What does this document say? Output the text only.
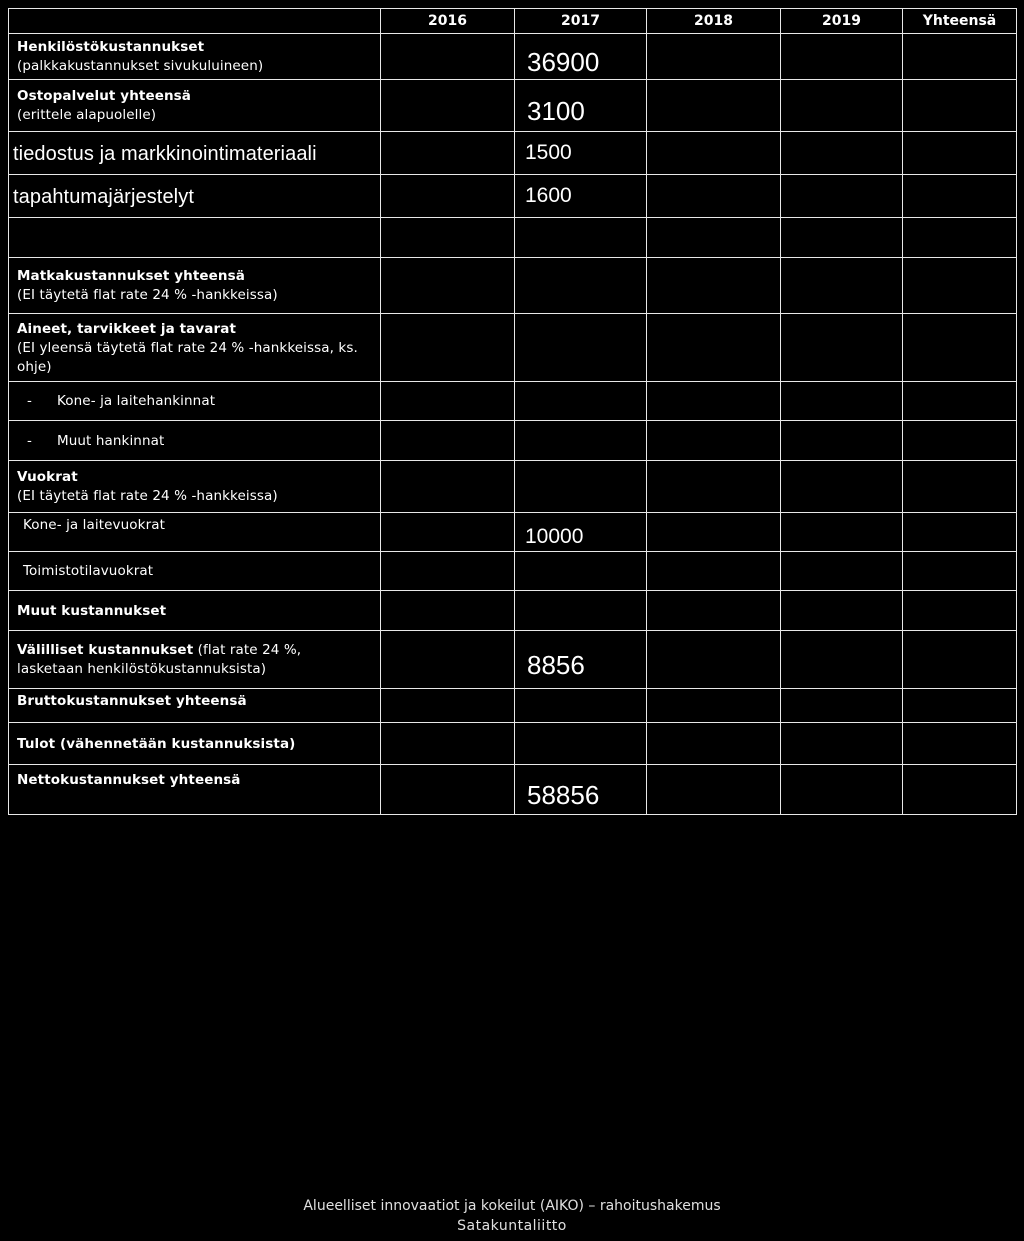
	2016	2017	2018	2019	Yhteensä

Henkilöstökustannukset
(palkkakustannukset sivukuluineen)		36900			

Ostopalvelut yhteensä
(erittele alapuolelle)		3100			
tiedostus ja markkinointimateriaali		1500			
tapahtumajärjestelyt		1600			

Matkakustannukset yhteensä
(EI täytetä flat rate 24 % -hankkeissa)					

Aineet, tarvikkeet ja tavarat
(EI yleensä täytetä flat rate 24 % -hankkeissa, ks. ohje)					

- Kone- ja laitehankinnat					
- Muut hankinnat					

Vuokrat
(EI täytetä flat rate 24 % -hankkeissa)					

Kone- ja laitevuokrat		10000			
Toimistotilavuokrat					

Muut kustannukset					

Välilliset kustannukset (flat rate 24 %,
lasketaan henkilöstökustannuksista)		8856			

Bruttokustannukset yhteensä					

Tulot (vähennetään kustannuksista)					

Nettokustannukset yhteensä		58856			
Alueelliset innovaatiot ja kokeilut (AIKO) – rahoitushakemus
Satakuntaliitto
